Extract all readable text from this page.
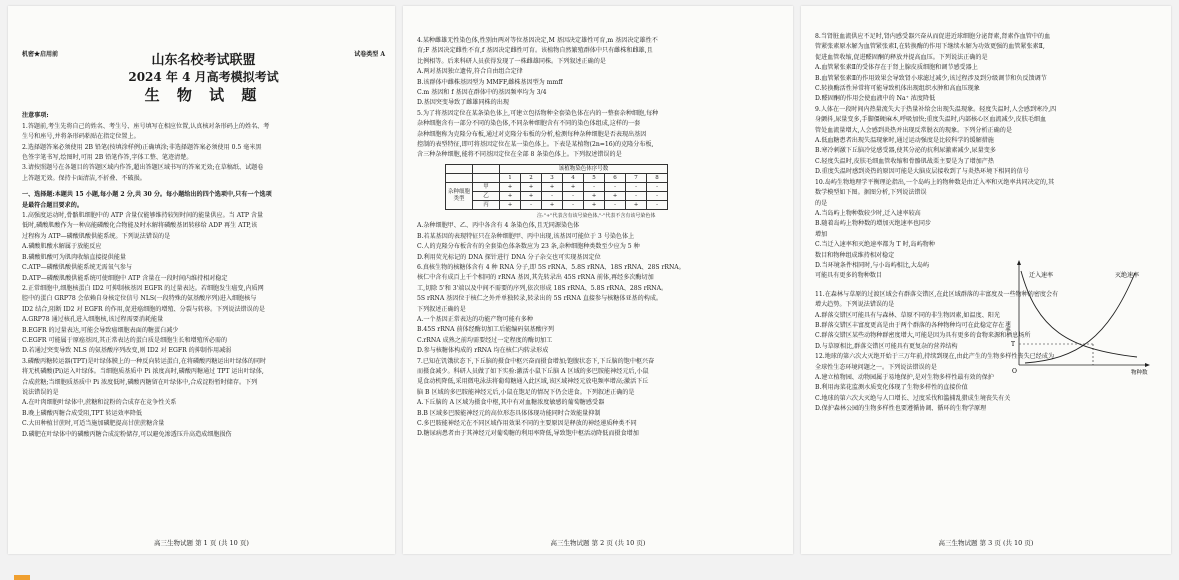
机密★启用前	试卷类型 A
山东名校考试联盟
2024 年 4 月高考模拟考试
生 物 试 题
注意事项:
1.答题前,考生先将自己的姓名、考生号、座号填写在相应位置,认真核对条形码上的姓名、考
生号和座号,并将条形码粘贴在指定位置上。
2.选择题答案必须使用 2B 铅笔(按填涂样例)正确填涂;非选择题答案必须使用 0.5 毫米黑
色签字笔书写,绘图时,可用 2B 铅笔作答,字体工整、笔迹清楚。
3.请按照题号在各题目的答题区域内作答,超出答题区域书写的答案无效;在草稿纸、试题卷
上答题无效。保持卡面清洁,不折叠、不破损。
一、选择题:本题共 15 小题,每小题 2 分,共 30 分。每小题给出的四个选项中,只有一个选项
是最符合题目要求的。
1.高强度运动时,骨骼肌细胞中的 ATP 含量仅能够维持较短时间的能量供应。当 ATP 含量
低时,磷酸肌酸作为一种高能磷酸化合物能及时水解将磷酸基团转移给 ADP 再生 ATP,该
过程称为 ATP—磷酸肌酸供能系统。下列说法错误的是
A.磷酸肌酸水解属于放能反应
B.磷酸肌酸可为肌肉收缩直接提供能量
C.ATP—磷酸肌酸供能系统无需氧气参与
D.ATP—磷酸肌酸供能系统可使细胞中 ATP 含量在一段时间内维持相对稳定
2.正常细胞中,细胞核蛋白 ID2 可抑制核基因 EGFR 的过量表达。若细胞发生癌变,内质网
腔中的蛋白 GRP78 会依赖自身核定位信号 NLS(一段特殊的氨基酸序列)进入细胞核与
ID2 结合,阻断 ID2 对 EGFR 的作用,促进癌细胞的增殖、分裂与转移。下列说法错误的是
A.GRP78 通过核孔进入细胞核,该过程需要消耗能量
B.EGFR 的过量表达,可能会导致癌细胞表面的糖蛋白减少
C.EGFR 可能属于原癌基因,其正常表达的蛋白质是细胞生长和增殖所必需的
D.若通过突变导致 NLS 的氨基酸序列改变,则 ID2 对 EGFR 的抑制作用减弱
3.磷酸丙糖转运器(TPT)是叶绿体膜上的一种反向转运蛋白,在将磷酸丙糖运出叶绿体的同时
将无机磷酸(Pi)运入叶绿体。当细胞质基质中 Pi 浓度高时,磷酸丙糖通过 TPT 运出叶绿体,
合成蔗糖;当细胞质基质中 Pi 浓度低时,磷酸丙糖留在叶绿体中,合成淀粉暂时储存。下列
说法错误的是
A.在叶肉细胞叶绿体中,蔗糖和淀粉的合成存在竞争性关系
B.晚上磷酸丙糖合成受阻,TPT 转运效率降低
C.大田种植甘蔗时,可适当施加磷肥提高甘蔗蔗糖含量
D.磷肥在叶绿体中的磷酸丙糖合成淀粉储存,可以避免渗透压升高造成细胞损伤
高三生物试题 第 1 页 (共 10 页)
4.某种雌雄无性染色体,性别由两对等位基因决定,M 基因决定雄性可育,m 基因决定雄性不
育;F 基因决定雌性不育,f 基因决定雌性可育。该植物自然繁殖群体中只有雌株和雌雄,且
比例相等。后来科研人员获得发现了一株雌雄同株。下列叙述正确的是
A.两对基因独立遗传,符合自由组合定律
B.该群体中雌株基因型为 MMFF,雌株基因型为 mmff
C.m 基因和 f 基因在群体中的基因频率均为 3/4
D.基因突变导致了雌雄同株的出现
5.为了将基因定位在某条染色体上,可建立包括物种全套染色体在内的一整套杂种细胞,每种
杂种细胞含有一部分不同的染色体,不同杂种细胞含有不同的染色体组成,这样的一套
杂种细胞称为克隆分布板,通过对克隆分布板的分析,检测每种杂种细胞是否表现出基因
控制的表型特征,即可将基因定位在某一染色体上。下表是某植物(2n=16)的克隆分布板,
含三种杂种细胞,能将不同基因定位在全部 8 条染色体上。下列叙述错误的是
		该植物染色体序号数							
		1	2	3	4	5	6	7	8
杂种细胞类型	甲	+	+	+	+	-	-	-	-
	乙	+	+	-	-	+	+	-	-
	丙	+	-	+	-	+	-	+	-
注:"+"代表含有该号染色体,"-"代表不含有该号染色体
A.杂种细胞甲、乙、丙中各含有 4 条染色体,且无同源染色体
B.若某基因的表现特征只在杂种细胞甲、丙中出现,该基因可能位于 3 号染色体上
C.人的克隆分布板含有的全套染色体条数应为 23 条,杂种细胞种类数至少应为 5 种
D.利用荧光标记的 DNA 探针进行 DNA 分子杂交也可实现基因定位
6.真核生物的核糖体含有 4 种 RNA 分子,即 5S rRNA、5.8S rRNA、18S rRNA、28S rRNA。
核仁中含有成百上千个相同的 rRNA 基因,其先转录出 45S rRNA 前体,再经多次酶切加
工,切除 5'和 3'端以及中间不需要的序列,依次形成 18S rRNA、5.8S rRNA、28S rRNA。
5S rRNA 基因位于核仁之外并单独转录,转录出的 5S rRNA 直接参与核糖体亚基的构成。
下列叙述正确的是
A.一个基因正常表达的功能产物可能有多种
B.45S rRNA 前体经酶切加工后能编码氨基酸序列
C.rRNA 成熟之前均需要经过一定程度的酶切加工
D.参与核糖体构成的 rRNA 均在核仁内转录形成
7.已知在饥饿状态下,下丘脑的摄食中枢兴奋而摄食增加;饱腹状态下,下丘脑的饱中枢兴奋
而摄食减少。科研人员做了如下实验:激活小鼠下丘脑 A 区域的多巴胺能神经元后,小鼠
觅食动机降低,采用微电泳法将葡萄糖通入此区域,该区域神经元放电频率增高;激活下丘
脑 B 区域的多巴胺能神经元后,小鼠在饱足的情况下仍会进食。下列叙述正确的是
A.下丘脑的 A 区域为摄食中枢,其中有对血糖浓度敏感的葡萄糖感受器
B.B 区域多巴胺能神经元的高位形态具体体现功能同时合效能量抑制
C.多巴胺能神经元在不同区域作用效果不同的主要原因是释放的神经递质种类不同
D.糖尿病患者由于其神经元对葡萄糖的利用率降低,导致饱中枢活动降低而摄食增加
高三生物试题 第 2 页 (共 10 页)
8.当肾脏血流供应不足时,肾内感受器兴奋从而促进近球细胞分泌肾素,肾素作血管中的血
管紧张素原水解为血管紧张素Ⅰ,在转换酶的作用下继续水解为功效更强的血管紧张素Ⅱ,
促进血管收缩,促进醛固酮的释放并提高血压。下列说法正确的是
A.血管紧张素Ⅱ的受体存在于肾上腺皮质细胞和调节感受器上
B.血管紧张素Ⅱ的作用效果会导致肾小球滤过减少,该过程涉及到分级调节和负反馈调节
C.转换酶活性异常将可能导致机体出现组织水肿和高血压现象
D.醛固酮的作用会使血液中的 Na⁺ 浓度降低
9.人体在一段时间内热量流失大于热量补给会出现失温现象。轻度失温时,人会感到寒冷,四
身颤抖,尿量变多,手脚僵硬麻木,呼吸加快;重度失温时,内部核心区血流减少,皮肤毛细血
管处血流量增大,人会感到炎热并出现反常脱衣的现象。下列分析正确的是
A.低血糖患者出现失温现象时,通过运动强度是比较科学的缓解措施
B.寒冷刺激下丘脑冷觉感受器,使其分泌的抗利尿激素减少,尿量变多
C.轻度失温时,皮肤毛细血管收缩和骨骼肌战栗主要是为了增加产热
D.重度失温时感到炎热的原因可能是大脑皮层接收到了与炎热环境下相同的信号
10.岛屿生物地理学平衡理论指出,一个岛屿上的物种数是由迁入率和灭绝率共同决定的,其
数学模型如下图。据图分析,下列说法错误
的是
A.当岛屿上物种数较少时,迁入速率较高
B.随着岛屿上物种数的增加灭绝速率也同步
增加
C.当迁入速率和灭绝速率都为 T 时,岛屿物种
数目和物种组成维持相对稳定
D.当环境条件相同时,与小岛屿相比,大岛屿
可能具有更多的物种数目
11.在森林与草原的过渡区域会有群落交错区,在此区域群落的丰富度及一些物种的密度会有
增大趋势。下列说法错误的是
A.群落交错区可能具有与森林、草原不同的非生物因素,如温度、阳光
B.群落交错区丰富度更高是由于两个群落的各种物种均可在此稳定存在
C.群落交错区某些动物种群密度增大,可能是因为具有更多的食物来源和栖息场所
D.与草原相比,群落交错区可能具有更复杂的营养结构
12.地球的第六次大灭绝开始于三万年前,持续到现在,由此产生的生物多样性丧失已经成为
全球性生态环境问题之一。下列说法错误的是
A.建立植物园、动物园属于易地保护,是对生物多样性最有效的保护
B.利用海菜花监测水质变化体现了生物多样性的直接价值
C.地球的第六次大灭绝与人口增长、过度采伐和滥捕乱猎成生境丧失有关
D.保护森林公园的生物多样性也要遵循协调、循环的生物学原理
迁入速率	灭绝速率
T
O
速率
物种数
高三生物试题 第 3 页 (共 10 页)
